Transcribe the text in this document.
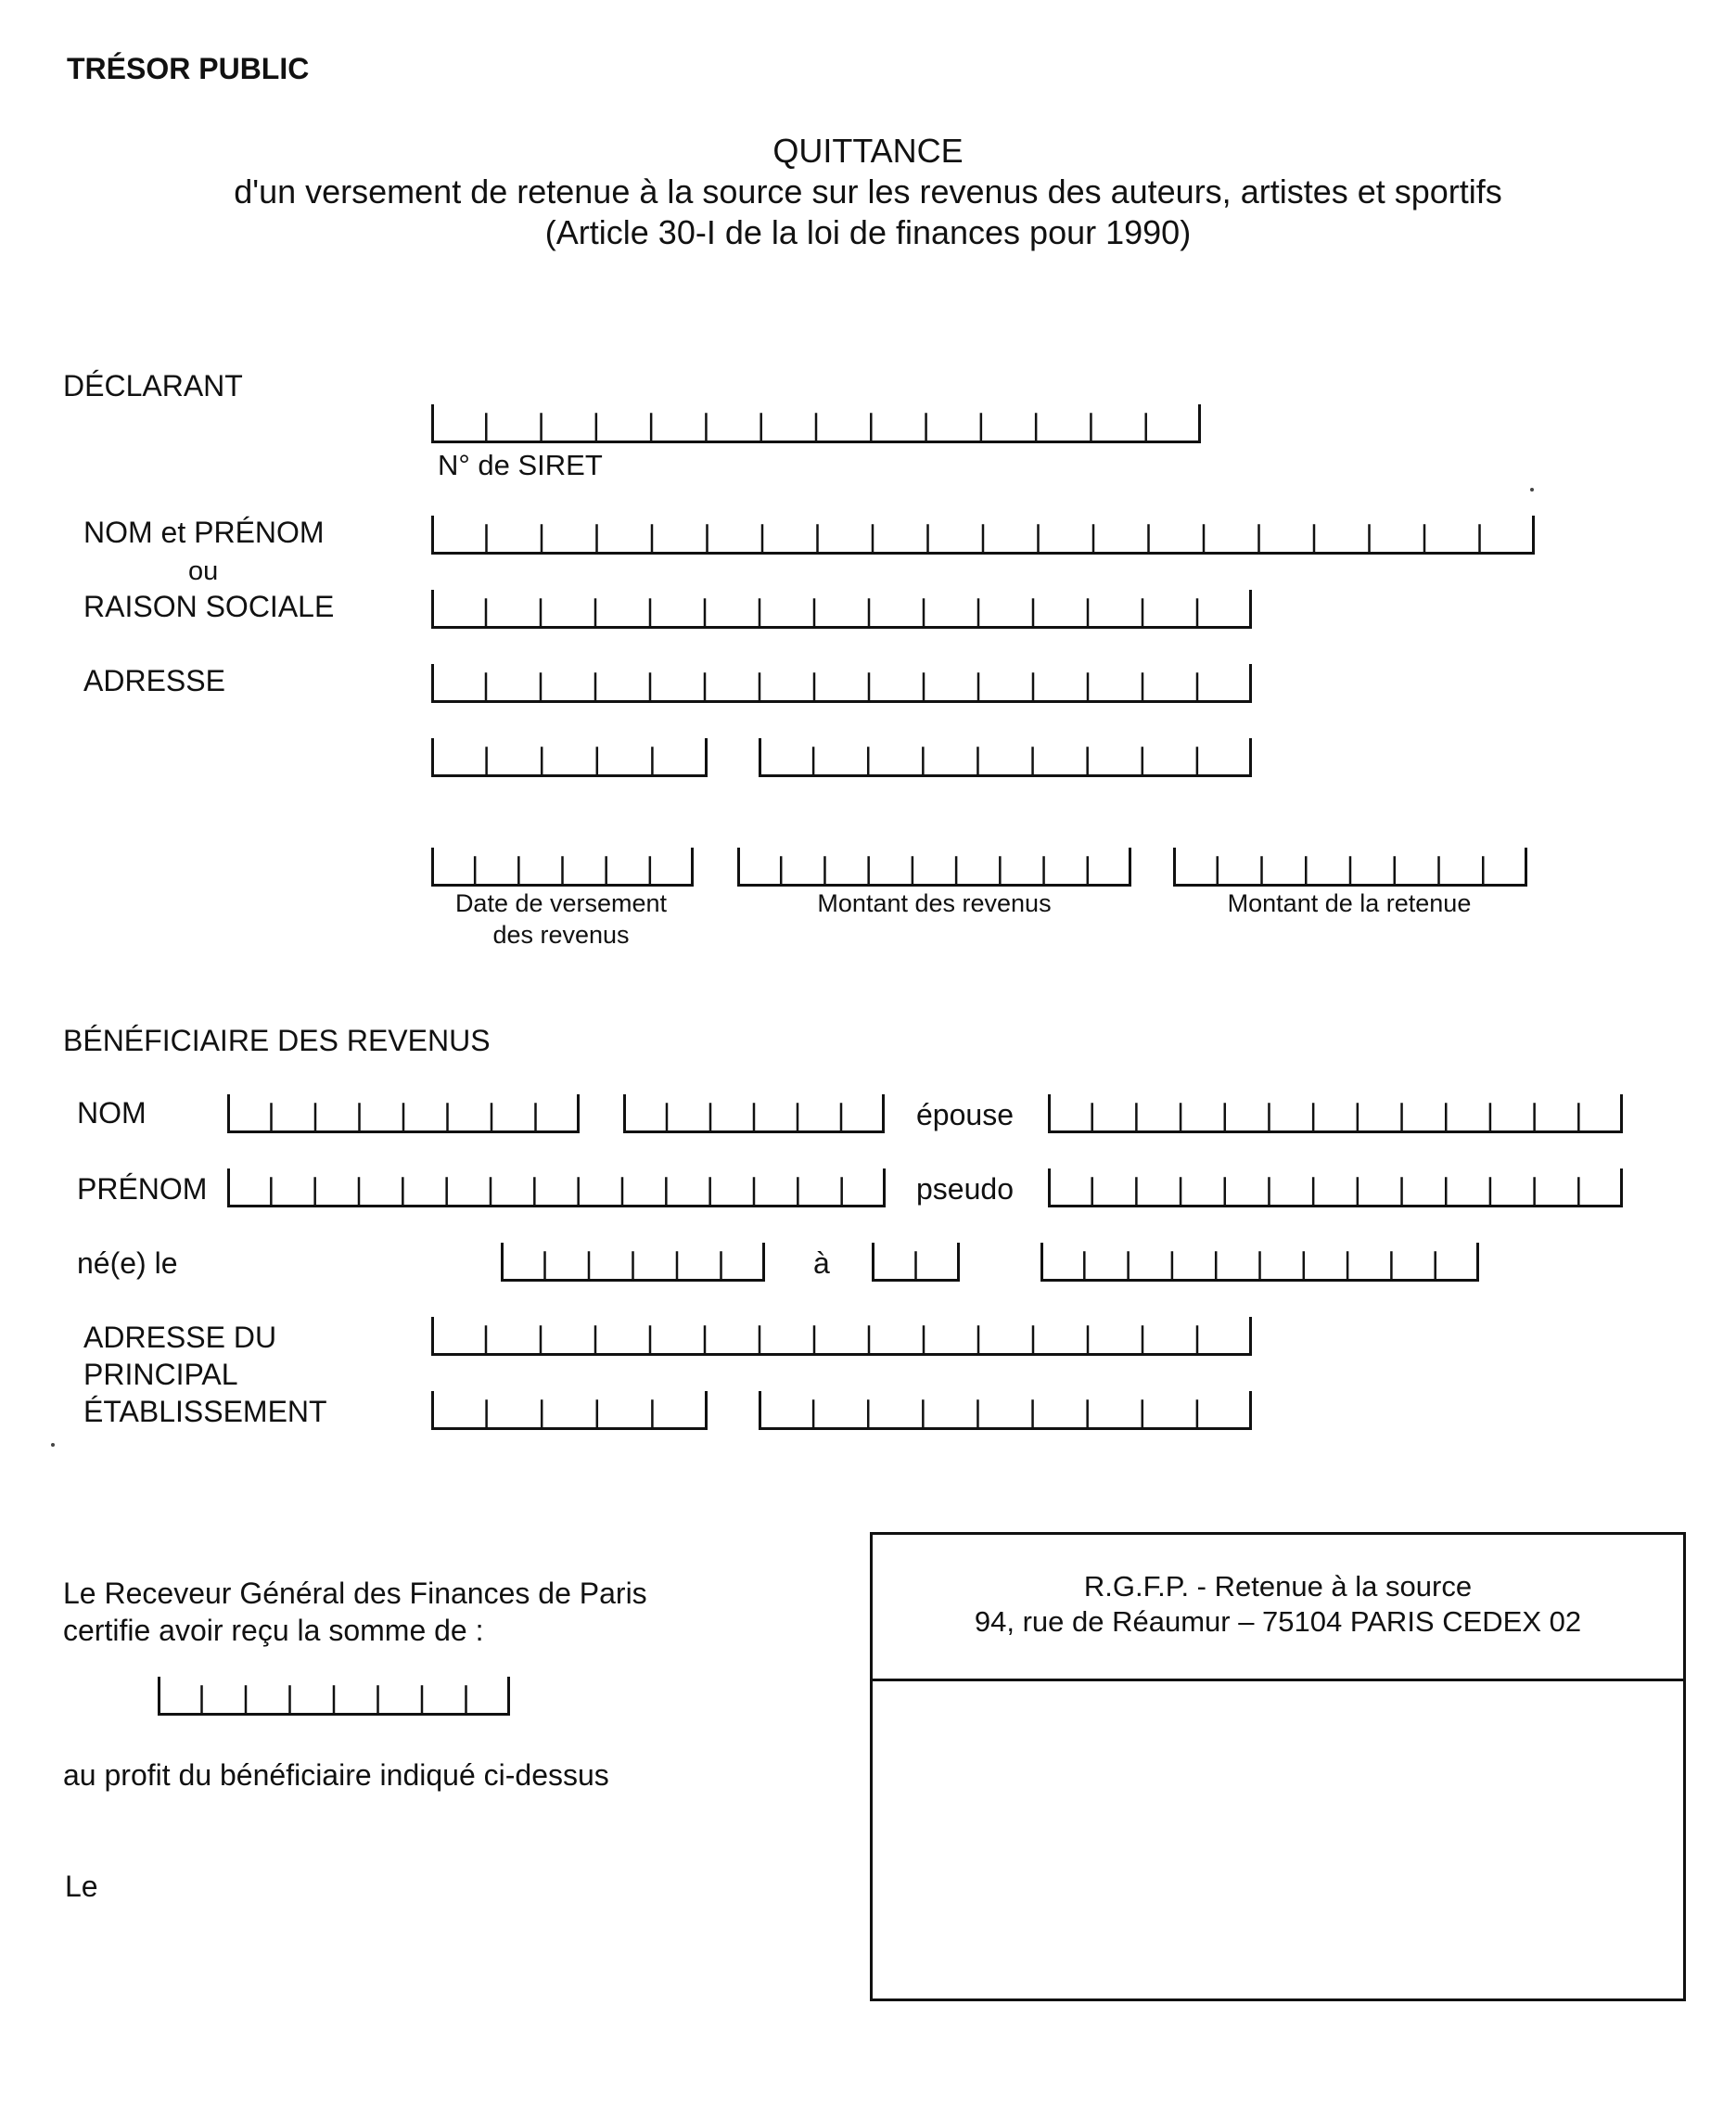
TRÉSOR PUBLIC
QUITTANCE
d'un versement de retenue à la source sur les revenus des auteurs, artistes et sportifs
(Article 30-I de la loi de finances pour 1990)
DÉCLARANT
N° de SIRET
NOM et PRÉNOM
ou
RAISON SOCIALE
ADRESSE
Date de versement
des revenus
Montant des revenus	Montant de la retenue
BÉNÉFICIAIRE DES REVENUS
NOM	épouse
PRÉNOM	pseudo
né(e) le	à
ADRESSE DU
PRINCIPAL
ÉTABLISSEMENT
Le Receveur Général des Finances de Paris
certifie avoir reçu la somme de :
au profit du bénéficiaire indiqué ci-dessus
Le
R.G.F.P. - Retenue à la source
94, rue de Réaumur – 75104 PARIS CEDEX 02
